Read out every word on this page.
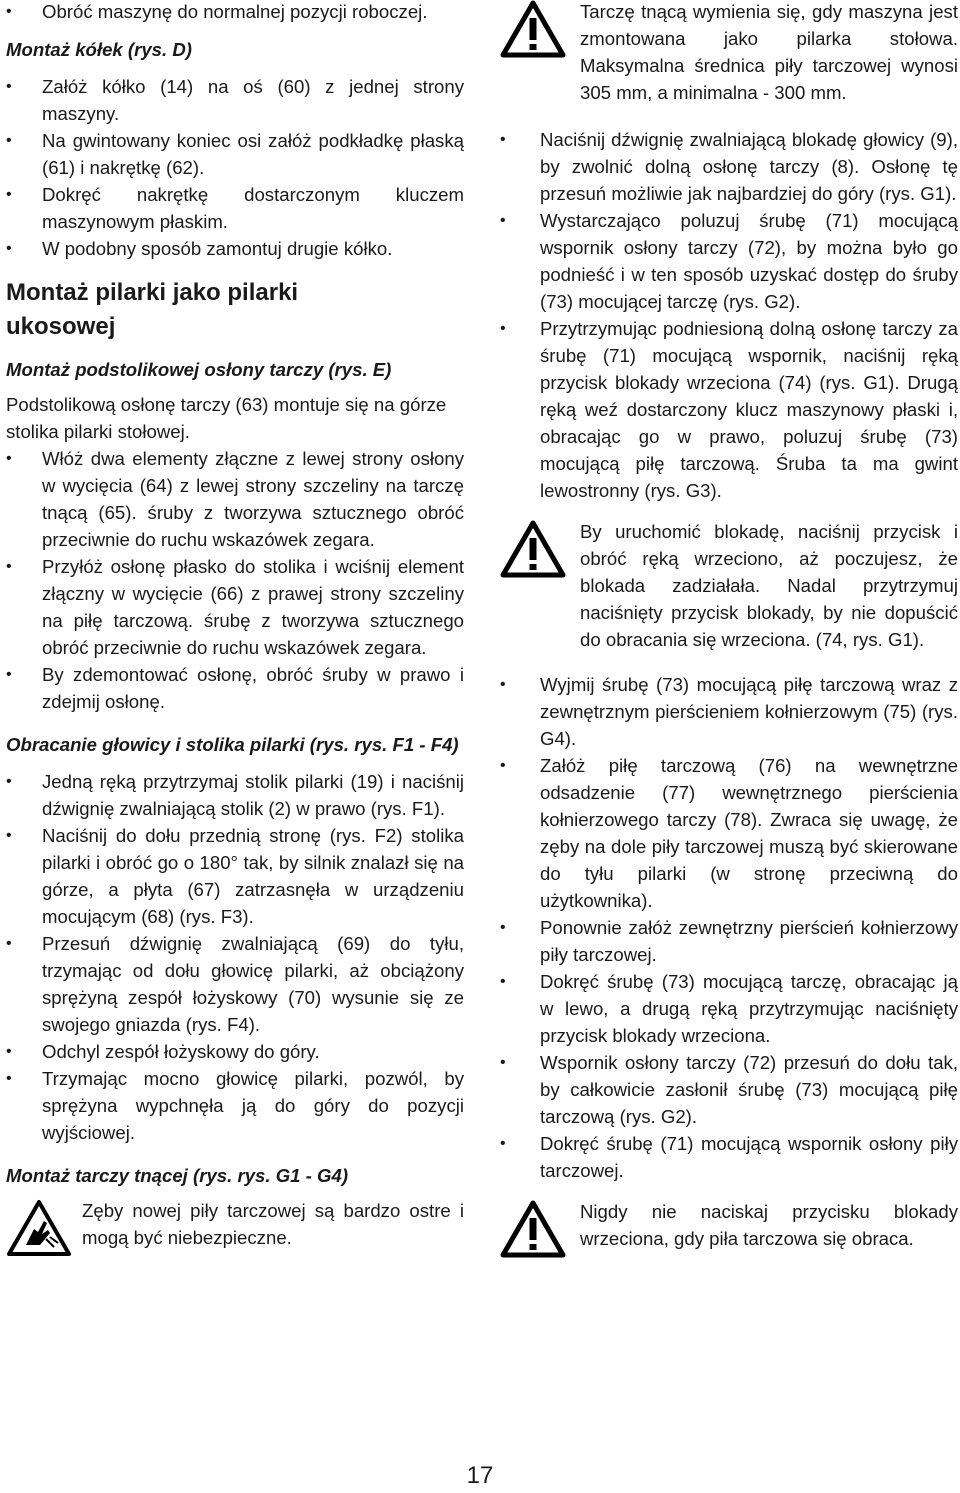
• Obróć maszynę do normalnej pozycji roboczej.
Montaż kółek (rys. D)
• Załóż kółko (14) na oś (60) z jednej strony maszyny.
• Na gwintowany koniec osi załóż podkładkę płaską (61) i nakrętkę (62).
• Dokręć nakrętkę dostarczonym kluczem maszynowym płaskim.
• W podobny sposób zamontuj drugie kółko.
Montaż pilarki jako pilarki ukosowej
Montaż podstolikowej osłony tarczy (rys. E)

Podstolikową osłonę tarczy (63) montuje się na górze stolika pilarki stołowej.

• Włóż dwa elementy złączne z lewej strony osłony w wycięcia (64) z lewej strony szczeliny na tarczę tnącą (65). śruby z tworzywa sztucznego obróć przeciwnie do ruchu wskazówek zegara.
• Przyłóż osłonę płasko do stolika i wciśnij element złączny w wycięcie (66) z prawej strony szczeliny na piłę tarczową. śrubę z tworzywa sztucznego obróć przeciwnie do ruchu wskazówek zegara.
• By zdemontować osłonę, obróć śruby w prawo i zdejmij osłonę.
Obracanie głowicy i stolika pilarki (rys. rys. F1 - F4)
• Jedną ręką przytrzymaj stolik pilarki (19) i naciśnij dźwignię zwalniającą stolik (2) w prawo (rys. F1).
• Naciśnij do dołu przednią stronę (rys. F2) stolika pilarki i obróć go o 180° tak, by silnik znalazł się na górze, a płyta (67) zatrzasnęła w urządzeniu mocującym (68) (rys. F3).
• Przesuń dźwignię zwalniającą (69) do tyłu, trzymając od dołu głowicę pilarki, aż obciążony sprężyną zespół łożyskowy (70) wysunie się ze swojego gniazda (rys. F4).
• Odchyl zespół łożyskowy do góry.
• Trzymając mocno głowicę pilarki, pozwól, by sprężyna wypchnęła ją do góry do pozycji wyjściowej.
Montaż tarczy tnącej (rys. rys. G1 - G4)
Zęby nowej piły tarczowej są bardzo ostre i mogą być niebezpieczne.
Tarczę tnącą wymienia się, gdy maszyna jest zmontowana jako pilarka stołowa. Maksymalna średnica piły tarczowej wynosi 305 mm, a minimalna - 300 mm.
• Naciśnij dźwignię zwalniającą blokadę głowicy (9), by zwolnić dolną osłonę tarczy (8). Osłonę tę przesuń możliwie jak najbardziej do góry (rys. G1).
• Wystarczająco poluzuj śrubę (71) mocującą wspornik osłony tarczy (72), by można było go podnieść i w ten sposób uzyskać dostęp do śruby (73) mocującej tarczę (rys. G2).
• Przytrzymując podniesioną dolną osłonę tarczy za śrubę (71) mocującą wspornik, naciśnij ręką przycisk blokady wrzeciona (74) (rys. G1). Drugą ręką weź dostarczony klucz maszynowy płaski i, obracając go w prawo, poluzuj śrubę (73) mocującą piłę tarczową. Śruba ta ma gwint lewostronny (rys. G3).
By uruchomić blokadę, naciśnij przycisk i obróć ręką wrzeciono, aż poczujesz, że blokada zadziałała. Nadal przytrzymuj naciśnięty przycisk blokady, by nie dopuścić do obracania się wrzeciona. (74, rys. G1).
• Wyjmij śrubę (73) mocującą piłę tarczową wraz z zewnętrznym pierścieniem kołnierzowym (75) (rys. G4).
• Załóż piłę tarczową (76) na wewnętrzne odsadzenie (77) wewnętrznego pierścienia kołnierzowego tarczy (78). Zwraca się uwagę, że zęby na dole piły tarczowej muszą być skierowane do tyłu pilarki (w stronę przeciwną do użytkownika).
• Ponownie załóż zewnętrzny pierścień kołnierzowy piły tarczowej.
• Dokręć śrubę (73) mocującą tarczę, obracając ją w lewo, a drugą ręką przytrzymując naciśnięty przycisk blokady wrzeciona.
• Wspornik osłony tarczy (72) przesuń do dołu tak, by całkowicie zasłonił śrubę (73) mocującą piłę tarczową (rys. G2).
• Dokręć śrubę (71) mocującą wspornik osłony piły tarczowej.
Nigdy nie naciskaj przycisku blokady wrzeciona, gdy piła tarczowa się obraca.
17
